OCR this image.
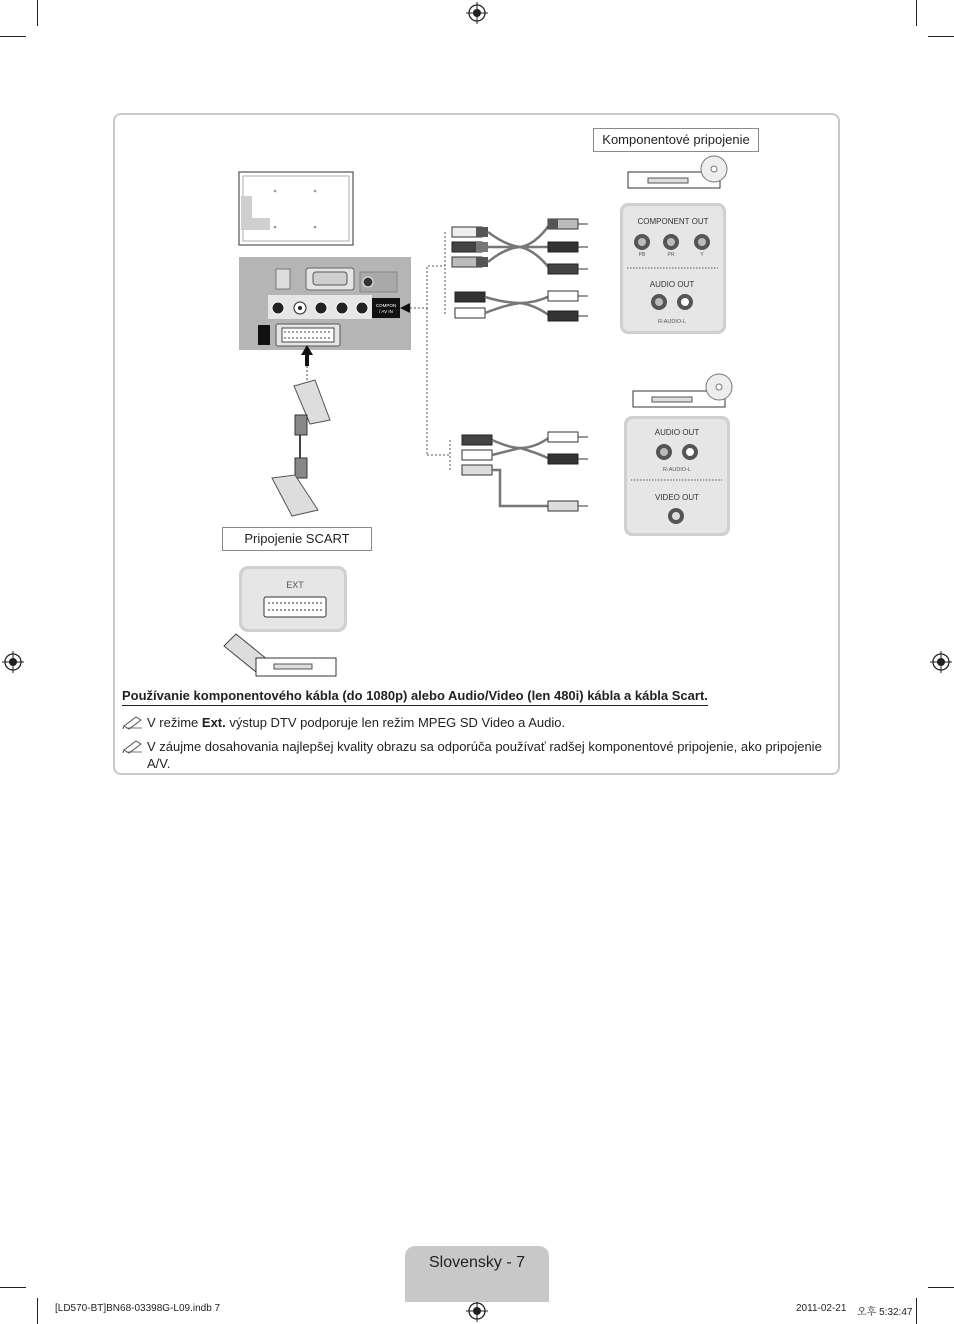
COMPON
/ AV IN
COMPONENT OUT
PB	PR	Y
AUDIO OUT
R-AUDIO-L
AUDIO OUT
R-AUDIO-L
VIDEO OUT
EXT
Komponentové pripojenie
Pripojenie SCART
Používanie komponentového kábla (do 1080p) alebo Audio/Video (len 480i) kábla a kábla Scart.
V režime Ext. výstup DTV podporuje len režim MPEG SD Video a Audio.
V záujme dosahovania najlepšej kvality obrazu sa odporúča používať radšej komponentové pripojenie, ako pripojenie A/V.
Slovensky - 7
[LD570-BT]BN68-03398G-L09.indb 7	2011-02-21 오후 5:32:47
